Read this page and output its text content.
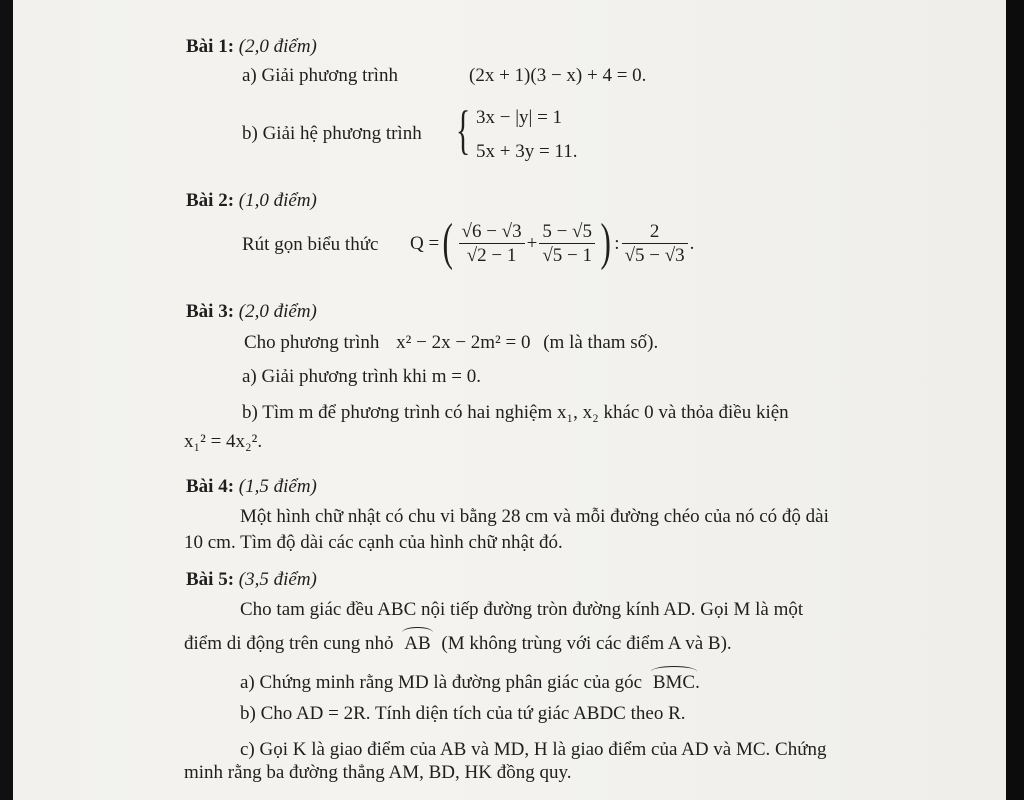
Bài 1: (2,0 điểm)
a) Giải phương trình	(2x + 1)(3 − x) + 4 = 0.
b) Giải hệ phương trình { 3x − |y| = 1
5x + 3y = 11.
Bài 2: (1,0 điểm)
Rút gọn biểu thức Q = ( $\frac{√6 - √3}{√2 - 1} + \frac{5 - √5}{√5 - 1}$ ) : $\frac{2}{√5 - √3}$ .
Bài 3: (2,0 điểm)
Cho phương trình x² − 2x − 2m² = 0 (m là tham số).
a) Giải phương trình khi m = 0.
b) Tìm m để phương trình có hai nghiệm x₁, x₂ khác 0 và thỏa điều kiện
x₁² = 4x₂².
Bài 4: (1,5 điểm)
Một hình chữ nhật có chu vi bằng 28 cm và mỗi đường chéo của nó có độ dài
10 cm. Tìm độ dài các cạnh của hình chữ nhật đó.
Bài 5: (3,5 điểm)
Cho tam giác đều ABC nội tiếp đường tròn đường kính AD. Gọi M là một
điểm di động trên cung nhỏ AB (M không trùng với các điểm A và B).
a) Chứng minh rằng MD là đường phân giác của góc BMC.
b) Cho AD = 2R. Tính diện tích của tứ giác ABDC theo R.
c) Gọi K là giao điểm của AB và MD, H là giao điểm của AD và MC. Chứng
minh rằng ba đường thẳng AM, BD, HK đồng quy.
